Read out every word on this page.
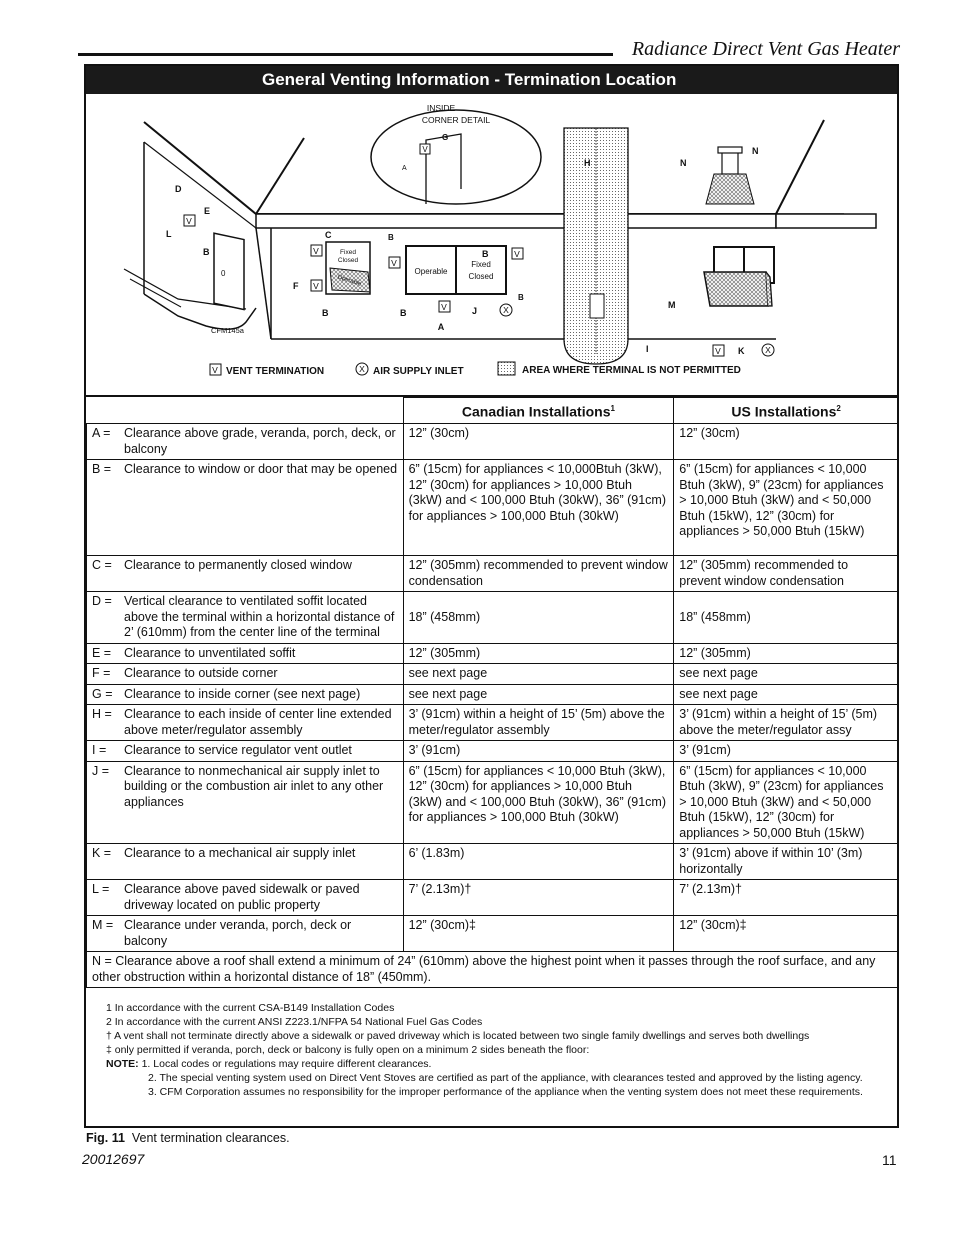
Radiance Direct Vent Gas Heater
General Venting Information - Termination Location
INSIDE
CORNER DETAIL
V
G
A
H
I
N
N
M
V K X
Fixed
Closed
Operable
C
B
F
V
V
Operable
Fixed
Closed
B
B
B
B
V
V
V
A
J	X
D
E
L
B
0
V
CFM145a
V VENT TERMINATION	X AIR SUPPLY INLET	AREA WHERE TERMINAL IS NOT PERMITTED
	Canadian Installations$^1$	US Installations$^2$

A = Clearance above grade, veranda, porch, deck, or balcony	12” (30cm)	12” (30cm)

B = Clearance to window or door that may be opened	6” (15cm) for appliances < 10,000Btuh (3kW), 12” (30cm) for appliances > 10,000 Btuh (3kW) and < 100,000 Btuh (30kW), 36” (91cm) for appliances > 100,000 Btuh (30kW)	6” (15cm) for appliances < 10,000 Btuh (3kW), 9” (23cm) for appliances > 10,000 Btuh (3kW) and < 50,000 Btuh (15kW), 12” (30cm) for appliances > 50,000 Btuh (15kW)

C = Clearance to permanently closed window	12” (305mm) recommended to prevent window condensation	12” (305mm) recommended to prevent window condensation

D = Vertical clearance to ventilated soffit located above the terminal within a horizontal distance of 2’ (610mm) from the center line of the terminal	18” (458mm)	18” (458mm)

E = Clearance to unventilated soffit	12” (305mm)	12” (305mm)

F = Clearance to outside corner	see next page	see next page

G = Clearance to inside corner (see next page)	see next page	see next page

H = Clearance to each inside of center line extended above meter/regulator assembly	3’ (91cm) within a height of 15’ (5m) above the meter/regulator assembly	3’ (91cm) within a height of 15’ (5m) above the meter/regulator assy

I = Clearance to service regulator vent outlet	3’ (91cm)	3’ (91cm)

J = Clearance to nonmechanical air supply inlet to building or the combustion air inlet to any other appliances	6” (15cm) for appliances < 10,000 Btuh (3kW), 12” (30cm) for appliances > 10,000 Btuh (3kW) and < 100,000 Btuh (30kW), 36” (91cm) for appliances > 100,000 Btuh (30kW)	6” (15cm) for appliances < 10,000 Btuh (3kW), 9” (23cm) for appliances > 10,000 Btuh (3kW) and < 50,000 Btuh (15kW), 12” (30cm) for appliances > 50,000 Btuh (15kW)

K = Clearance to a mechanical air supply inlet	6’ (1.83m)	3’ (91cm) above if within 10’ (3m) horizontally

L = Clearance above paved sidewalk or paved driveway located on public property	7’ (2.13m)†	7’ (2.13m)†

M = Clearance under veranda, porch, deck or balcony	12” (30cm)‡	12” (30cm)‡
N = Clearance above a roof shall extend a minimum of 24” (610mm) above the highest point when it passes through the roof surface, and any other obstruction within a horizontal distance of 18” (450mm).		

1 In accordance with the current CSA-B149 Installation Codes

2 In accordance with the current ANSI Z223.1/NFPA 54 National Fuel Gas Codes

† A vent shall not terminate directly above a sidewalk or paved driveway which is located between two single family dwellings and serves both dwellings

‡ only permitted if veranda, porch, deck or balcony is fully open on a minimum 2 sides beneath the floor:

NOTE: 1. Local codes or regulations may require different clearances.

2. The special venting system used on Direct Vent Stoves are certified as part of the appliance, with clearances tested and approved by the listing agency.

3. CFM Corporation assumes no responsibility for the improper performance of the appliance when the venting system does not meet these requirements.

Fig. 11 Vent termination clearances.
20012697	11
